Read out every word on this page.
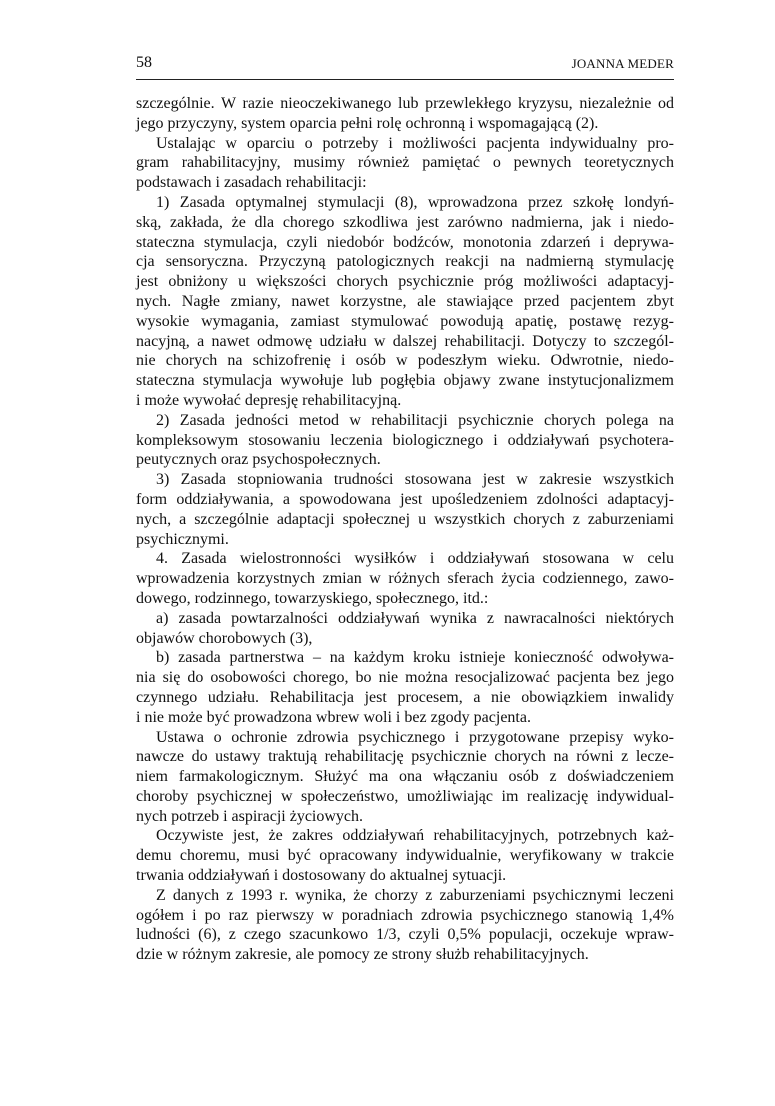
58	JOANNA MEDER
szczególnie. W razie nieoczekiwanego lub przewlekłego kryzysu, niezależnie od
jego przyczyny, system oparcia pełni rolę ochronną i wspomagającą (2).
Ustalając w oparciu o potrzeby i możliwości pacjenta indywidualny pro-
gram rahabilitacyjny, musimy również pamiętać o pewnych teoretycznych
podstawach i zasadach rehabilitacji:
1) Zasada optymalnej stymulacji (8), wprowadzona przez szkołę londyń-
ską, zakłada, że dla chorego szkodliwa jest zarówno nadmierna, jak i niedo-
stateczna stymulacja, czyli niedobór bodźców, monotonia zdarzeń i deprywa-
cja sensoryczna. Przyczyną patologicznych reakcji na nadmierną stymulację
jest obniżony u większości chorych psychicznie próg możliwości adaptacyj-
nych. Nagłe zmiany, nawet korzystne, ale stawiające przed pacjentem zbyt
wysokie wymagania, zamiast stymulować powodują apatię, postawę rezyg-
nacyjną, a nawet odmowę udziału w dalszej rehabilitacji. Dotyczy to szczegól-
nie chorych na schizofrenię i osób w podeszłym wieku. Odwrotnie, niedo-
stateczna stymulacja wywołuje lub pogłębia objawy zwane instytucjonalizmem
i może wywołać depresję rehabilitacyjną.
2) Zasada jedności metod w rehabilitacji psychicznie chorych polega na
kompleksowym stosowaniu leczenia biologicznego i oddziaływań psychotera-
peutycznych oraz psychospołecznych.
3) Zasada stopniowania trudności stosowana jest w zakresie wszystkich
form oddziaływania, a spowodowana jest upośledzeniem zdolności adaptacyj-
nych, a szczególnie adaptacji społecznej u wszystkich chorych z zaburzeniami
psychicznymi.
4. Zasada wielostronności wysiłków i oddziaływań stosowana w celu
wprowadzenia korzystnych zmian w różnych sferach życia codziennego, zawo-
dowego, rodzinnego, towarzyskiego, społecznego, itd.:
a) zasada powtarzalności oddziaływań wynika z nawracalności niektórych
objawów chorobowych (3),
b) zasada partnerstwa – na każdym kroku istnieje konieczność odwoływa-
nia się do osobowości chorego, bo nie można resocjalizować pacjenta bez jego
czynnego udziału. Rehabilitacja jest procesem, a nie obowiązkiem inwalidy
i nie może być prowadzona wbrew woli i bez zgody pacjenta.
Ustawa o ochronie zdrowia psychicznego i przygotowane przepisy wyko-
nawcze do ustawy traktują rehabilitację psychicznie chorych na równi z lecze-
niem farmakologicznym. Służyć ma ona włączaniu osób z doświadczeniem
choroby psychicznej w społeczeństwo, umożliwiając im realizację indywidual-
nych potrzeb i aspiracji życiowych.
Oczywiste jest, że zakres oddziaływań rehabilitacyjnych, potrzebnych każ-
demu choremu, musi być opracowany indywidualnie, weryfikowany w trakcie
trwania oddziaływań i dostosowany do aktualnej sytuacji.
Z danych z 1993 r. wynika, że chorzy z zaburzeniami psychicznymi leczeni
ogółem i po raz pierwszy w poradniach zdrowia psychicznego stanowią 1,4%
ludności (6), z czego szacunkowo 1/3, czyli 0,5% populacji, oczekuje wpraw-
dzie w różnym zakresie, ale pomocy ze strony służb rehabilitacyjnych.
